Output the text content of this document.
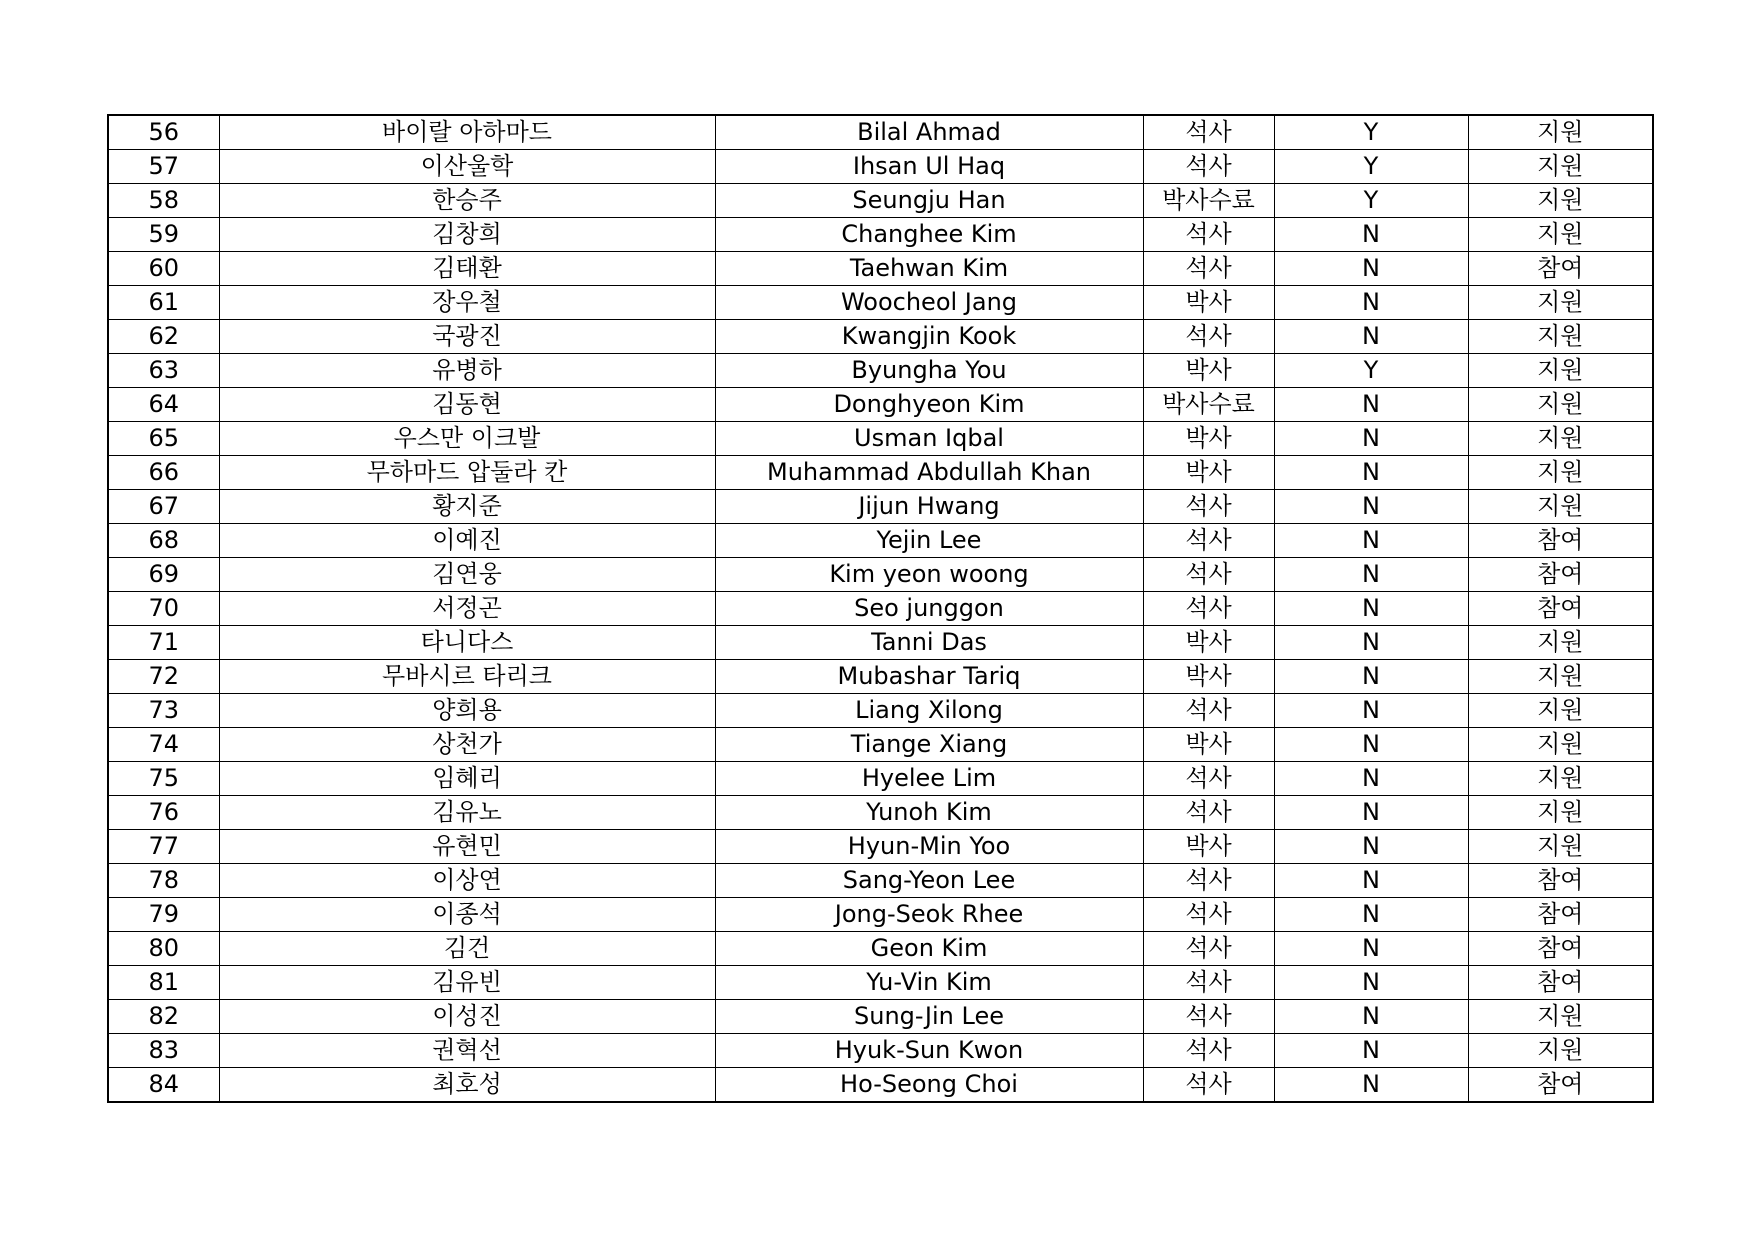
56	바이랄 아하마드	Bilal Ahmad	석사	Y	지원
57	이산울학	Ihsan Ul Haq	석사	Y	지원
58	한승주	Seungju Han	박사수료	Y	지원
59	김창희	Changhee Kim	석사	N	지원
60	김태환	Taehwan Kim	석사	N	참여
61	장우철	Woocheol Jang	박사	N	지원
62	국광진	Kwangjin Kook	석사	N	지원
63	유병하	Byungha You	박사	Y	지원
64	김동현	Donghyeon Kim	박사수료	N	지원
65	우스만 이크발	Usman Iqbal	박사	N	지원
66	무하마드 압둘라 칸	Muhammad Abdullah Khan	박사	N	지원
67	황지준	Jijun Hwang	석사	N	지원
68	이예진	Yejin Lee	석사	N	참여
69	김연웅	Kim yeon woong	석사	N	참여
70	서정곤	Seo junggon	석사	N	참여
71	타니다스	Tanni Das	박사	N	지원
72	무바시르 타리크	Mubashar Tariq	박사	N	지원
73	양희용	Liang Xilong	석사	N	지원
74	상천가	Tiange Xiang	박사	N	지원
75	임혜리	Hyelee Lim	석사	N	지원
76	김유노	Yunoh Kim	석사	N	지원
77	유현민	Hyun-Min Yoo	박사	N	지원
78	이상연	Sang-Yeon Lee	석사	N	참여
79	이종석	Jong-Seok Rhee	석사	N	참여
80	김건	Geon Kim	석사	N	참여
81	김유빈	Yu-Vin Kim	석사	N	참여
82	이성진	Sung-Jin Lee	석사	N	지원
83	권혁선	Hyuk-Sun Kwon	석사	N	지원
84	최호성	Ho-Seong Choi	석사	N	참여
